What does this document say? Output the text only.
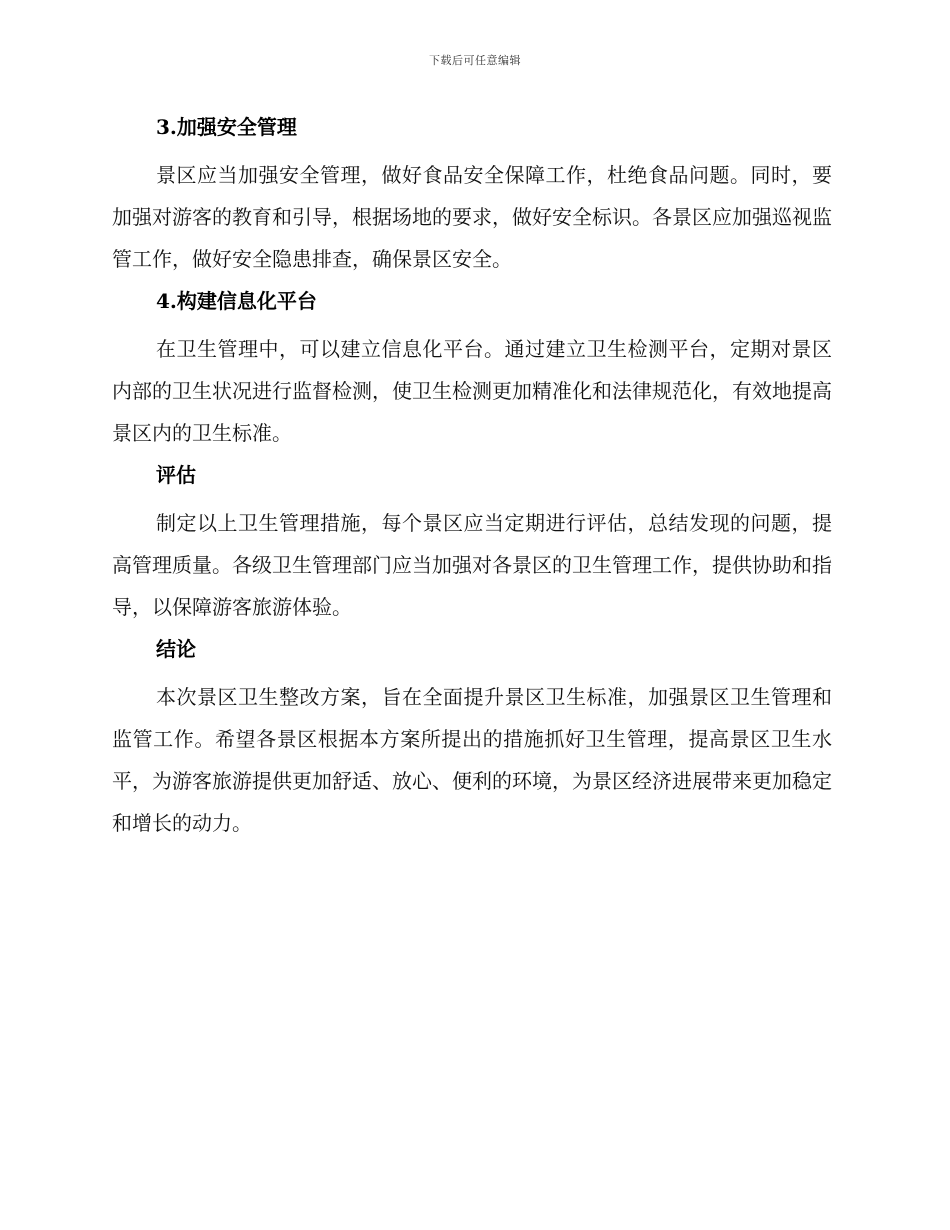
下载后可任意编辑
3.加强安全管理

景区应当加强安全管理，做好食品安全保障工作，杜绝食品问题。同时，要加强对游客的教育和引导，根据场地的要求，做好安全标识。各景区应加强巡视监管工作，做好安全隐患排查，确保景区安全。

4.构建信息化平台

在卫生管理中，可以建立信息化平台。通过建立卫生检测平台，定期对景区内部的卫生状况进行监督检测，使卫生检测更加精准化和法律规范化，有效地提高景区内的卫生标准。

评估

制定以上卫生管理措施，每个景区应当定期进行评估，总结发现的问题，提高管理质量。各级卫生管理部门应当加强对各景区的卫生管理工作，提供协助和指导，以保障游客旅游体验。

结论

本次景区卫生整改方案，旨在全面提升景区卫生标准，加强景区卫生管理和监管工作。希望各景区根据本方案所提出的措施抓好卫生管理，提高景区卫生水平，为游客旅游提供更加舒适、放心、便利的环境，为景区经济进展带来更加稳定和增长的动力。
